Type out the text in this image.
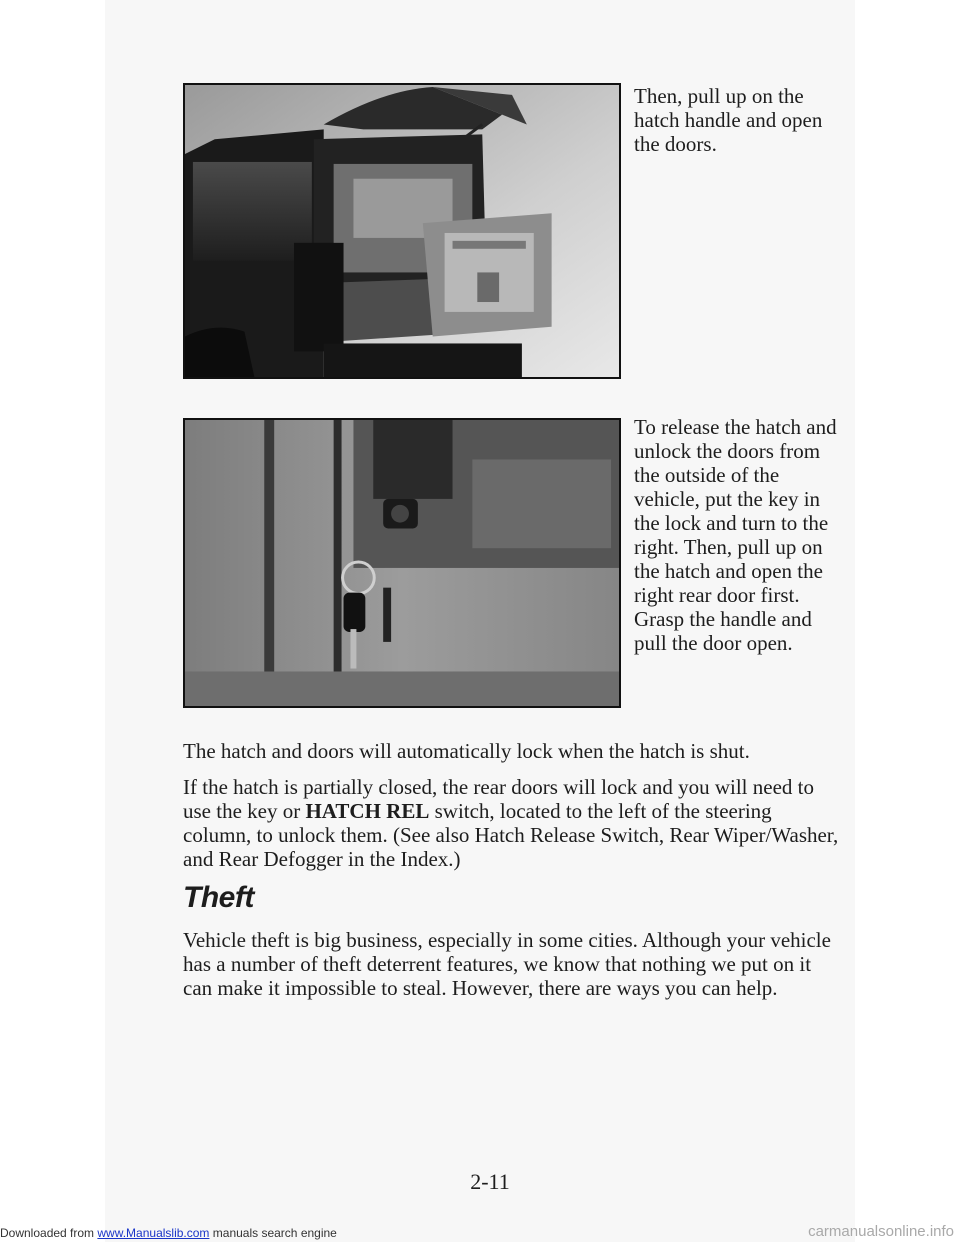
Then, pull up on the hatch handle and open the doors.
To release the hatch and unlock the doors from the outside of the vehicle, put the key in the lock and turn to the right. Then, pull up on the hatch and open the right rear door first. Grasp the handle and pull the door open.

The hatch and doors will automatically lock when the hatch is shut.

If the hatch is partially closed, the rear doors will lock and you will need to use the key or HATCH REL switch, located to the left of the steering column, to unlock them. (See also Hatch Release Switch, Rear Wiper/Washer, and Rear Defogger in the Index.)

Theft

Vehicle theft is big business, especially in some cities. Although your vehicle has a number of theft deterrent features, we know that nothing we put on it can make it impossible to steal. However, there are ways you can help.

2-11
Downloaded from www.Manualslib.com manuals search engine	carmanualsonline.info
